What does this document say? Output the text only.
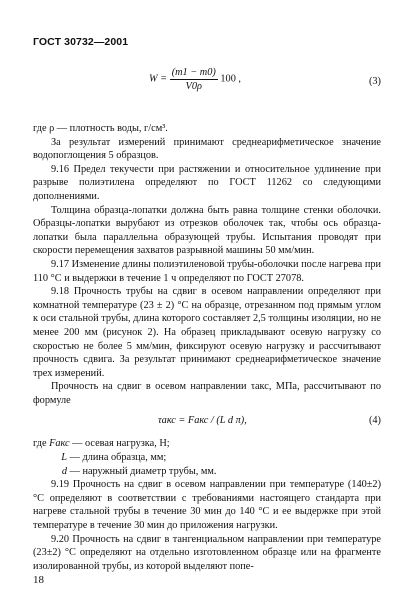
ГОСТ 30732—2001
$W = \frac{(m1 - m0)}{V0\rho} 100$ ,	(3)

где ρ — плотность воды, г/см³.

За результат измерений принимают среднеарифметическое значение водопоглощения 5 образцов.

9.16 Предел текучести при растяжении и относительное удлинение при разрыве полиэтилена определяют по ГОСТ 11262 со следующими дополнениями.

Толщина образца-лопатки должна быть равна толщине стенки оболочки. Образцы-лопатки вырубают из отрезков оболочек так, чтобы ось образца-лопатки была параллельна образующей трубы. Испытания проводят при скорости перемещения захватов разрывной машины 50 мм/мин.

9.17 Изменение длины полиэтиленовой трубы-оболочки после нагрева при 110 °С и выдержки в течение 1 ч определяют по ГОСТ 27078.

9.18 Прочность трубы на сдвиг в осевом направлении определяют при комнатной температуре (23 ± 2) °С на образце, отрезанном под прямым углом к оси стальной трубы, длина которого составляет 2,5 толщины изоляции, но не менее 200 мм (рисунок 2). На образец прикладывают осевую нагрузку со скоростью не более 5 мм/мин, фиксируют осевую нагрузку и рассчитывают прочность сдвига. За результат принимают среднеарифметическое значение трех измерений.

Прочность на сдвиг в осевом направлении τакс, МПа, рассчитывают по формуле

τакс = Fакс / (L d π),	(4)
где Fакс — осевая нагрузка, Н;
L — длина образца, мм;
d — наружный диаметр трубы, мм.

9.19 Прочность на сдвиг в осевом направлении при температуре (140±2) °С определяют в соответствии с требованиями настоящего стандарта при нагреве стальной трубы в течение 30 мин до 140 °С и ее выдержке при этой температуре в течение 30 мин до приложения нагрузки.

9.20 Прочность на сдвиг в тангенциальном направлении при температуре (23±2) °С определяют на отдельно изготовленном образце или на фрагменте изолированной трубы, из которой выделяют попе-

18
